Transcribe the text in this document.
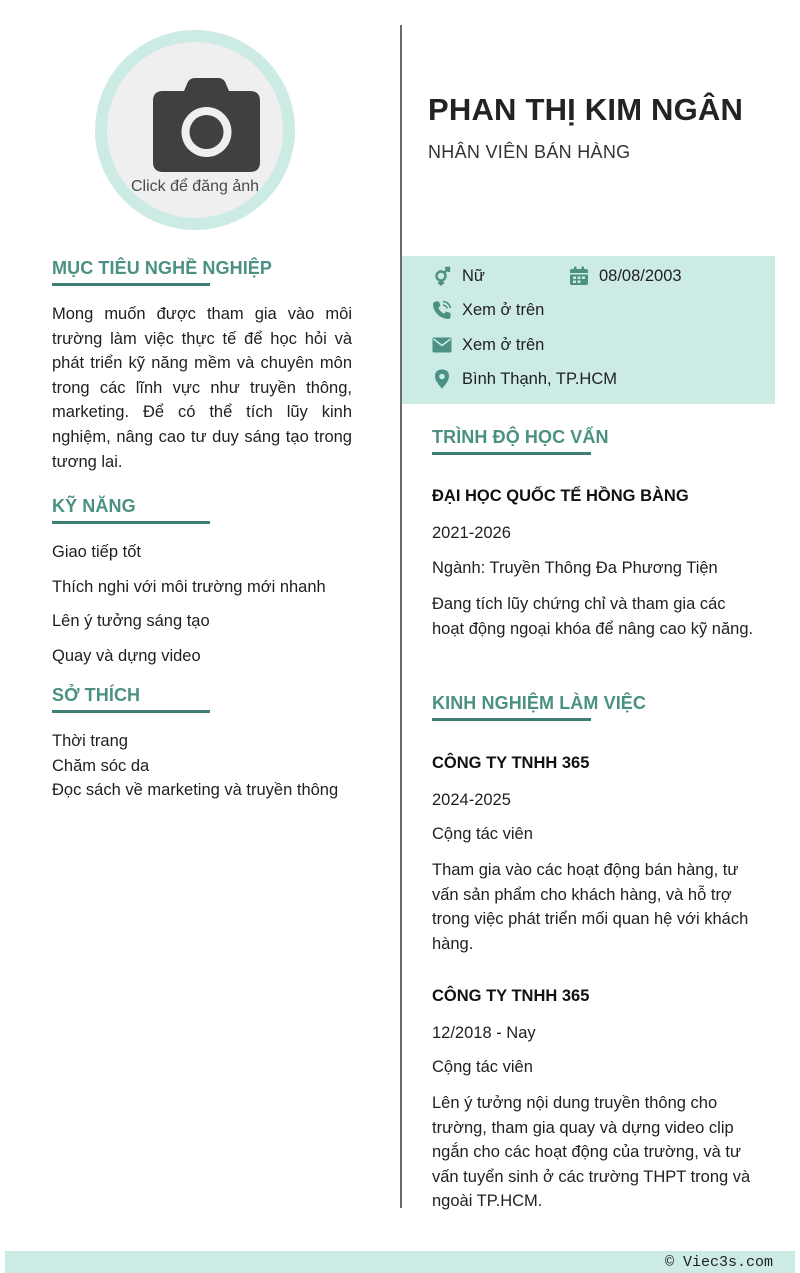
Click để đăng ảnh
PHAN THỊ KIM NGÂN
NHÂN VIÊN BÁN HÀNG
Nữ	08/08/2003
Xem ở trên
Xem ở trên
Bình Thạnh, TP.HCM
MỤC TIÊU NGHỀ NGHIỆP

Mong muốn được tham gia vào môi trường làm việc thực tế để học hỏi và phát triển kỹ năng mềm và chuyên môn trong các lĩnh vực như truyền thông, marketing. Để có thể tích lũy kinh nghiệm, nâng cao tư duy sáng tạo trong tương lai.

KỸ NĂNG
Giao tiếp tốt
Thích nghi với môi trường mới nhanh
Lên ý tưởng sáng tạo
Quay và dựng video
SỞ THÍCH
Thời trang
Chăm sóc da
Đọc sách về marketing và truyền thông
TRÌNH ĐỘ HỌC VẤN
ĐẠI HỌC QUỐC TẾ HỒNG BÀNG
2021-2026
Ngành: Truyền Thông Đa Phương Tiện
Đang tích lũy chứng chỉ và tham gia các hoạt động ngoại khóa để nâng cao kỹ năng.
KINH NGHIỆM LÀM VIỆC
CÔNG TY TNHH 365
2024-2025
Cộng tác viên
Tham gia vào các hoạt động bán hàng, tư vấn sản phẩm cho khách hàng, và hỗ trợ trong việc phát triển mối quan hệ với khách hàng.
CÔNG TY TNHH 365
12/2018 - Nay
Cộng tác viên
Lên ý tưởng nội dung truyền thông cho trường, tham gia quay và dựng video clip ngắn cho các hoạt động của trường, và tư vấn tuyển sinh ở các trường THPT trong và ngoài TP.HCM.
© Viec3s.com
